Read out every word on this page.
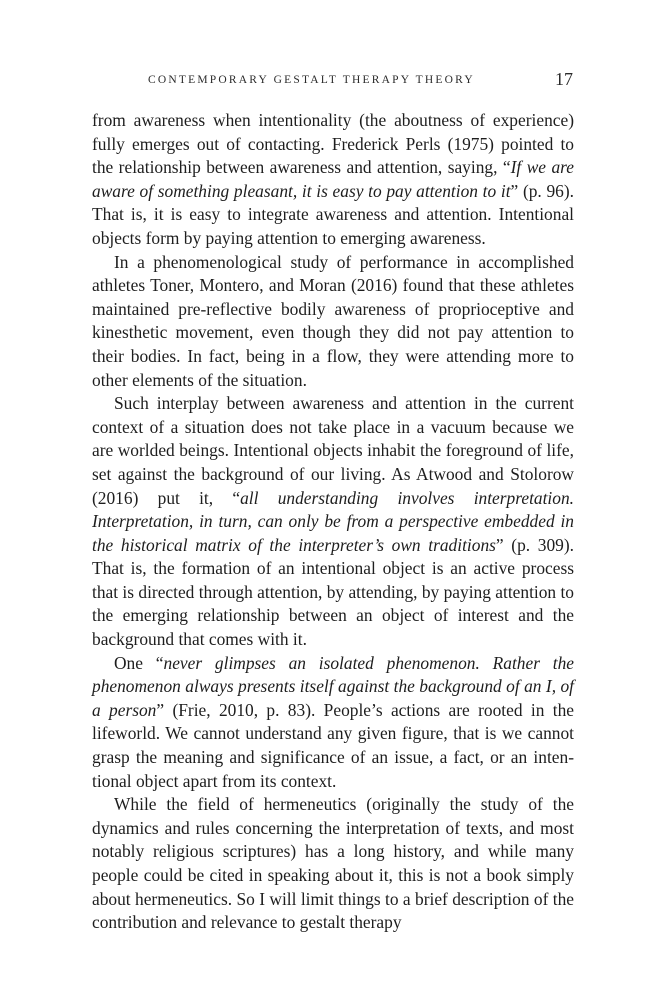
CONTEMPORARY GESTALT THERAPY THEORY	17

from awareness when intentionality (the aboutness of experience) fully emerges out of contacting. Frederick Perls (1975) pointed to the relationship between awareness and attention, saying, “If we are aware of something pleasant, it is easy to pay attention to it” (p. 96). That is, it is easy to integrate awareness and attention. Intentional objects form by paying attention to emerging awareness.

In a phenomenological study of performance in accomplished athletes Toner, Montero, and Moran (2016) found that these athletes maintained pre-reflective bodily awareness of proprioceptive and kinesthetic movement, even though they did not pay attention to their bodies. In fact, being in a flow, they were attending more to other elements of the situation.

Such interplay between awareness and attention in the current context of a situation does not take place in a vacuum because we are worlded beings. Intentional objects inhabit the foreground of life, set against the background of our living. As Atwood and Stolorow (2016) put it, “all understanding involves interpretation. Interpretation, in turn, can only be from a perspective embedded in the historical matrix of the interpreter’s own traditions” (p. 309). That is, the formation of an intentional object is an active process that is directed through attention, by attending, by paying attention to the emerging relationship between an object of interest and the background that comes with it.

One “never glimpses an isolated phenomenon. Rather the phenomenon always presents itself against the background of an I, of a person” (Frie, 2010, p. 83). People’s actions are rooted in the lifeworld. We cannot understand any given figure, that is we cannot grasp the meaning and significance of an issue, a fact, or an intentional object apart from its context.

While the field of hermeneutics (originally the study of the dynamics and rules concerning the interpretation of texts, and most notably religious scriptures) has a long history, and while many people could be cited in speaking about it, this is not a book simply about hermeneutics. So I will limit things to a brief description of the contribution and relevance to gestalt therapy
